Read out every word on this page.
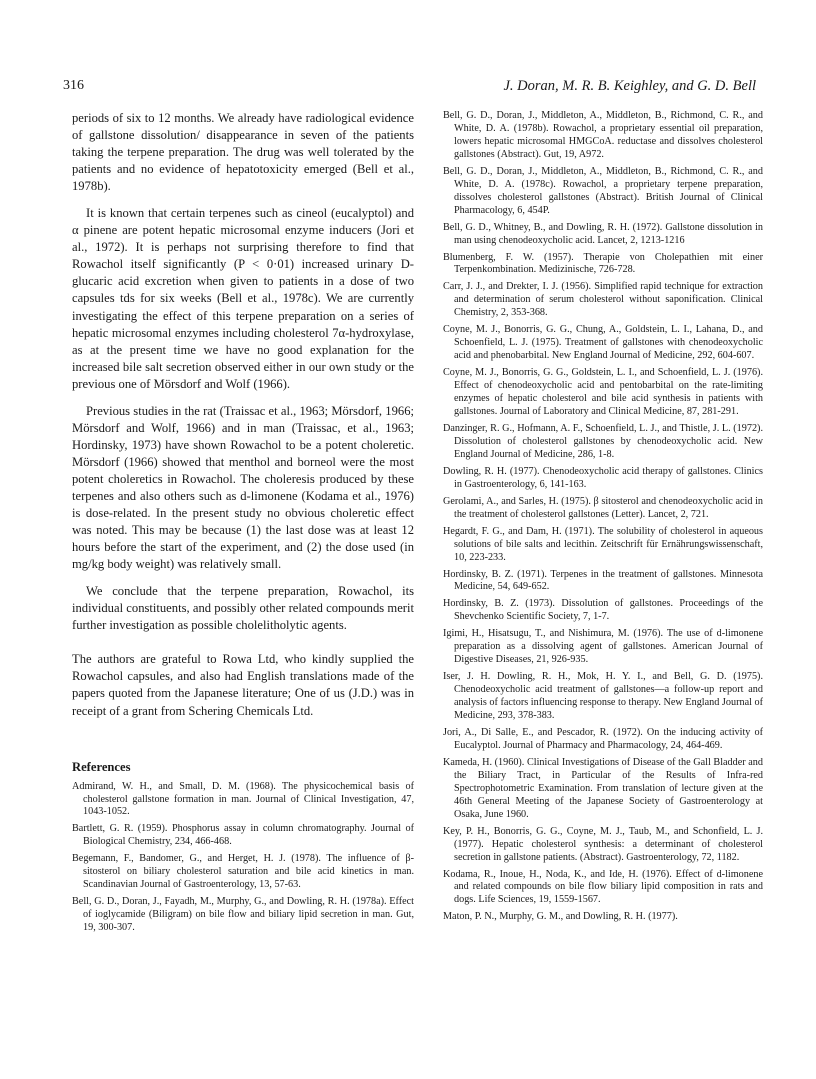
316	J. Doran, M. R. B. Keighley, and G. D. Bell

periods of six to 12 months. We already have radiological evidence of gallstone dissolution/ disappearance in seven of the patients taking the terpene preparation. The drug was well tolerated by the patients and no evidence of hepatotoxicity emerged (Bell et al., 1978b).

It is known that certain terpenes such as cineol (eucalyptol) and α pinene are potent hepatic microsomal enzyme inducers (Jori et al., 1972). It is perhaps not surprising therefore to find that Rowachol itself significantly (P < 0·01) increased urinary D-glucaric acid excretion when given to patients in a dose of two capsules tds for six weeks (Bell et al., 1978c). We are currently investigating the effect of this terpene preparation on a series of hepatic microsomal enzymes including cholesterol 7α-hydroxylase, as at the present time we have no good explanation for the increased bile salt secretion observed either in our own study or the previous one of Mörsdorf and Wolf (1966).

Previous studies in the rat (Traissac et al., 1963; Mörsdorf, 1966; Mörsdorf and Wolf, 1966) and in man (Traissac, et al., 1963; Hordinsky, 1973) have shown Rowachol to be a potent choleretic. Mörsdorf (1966) showed that menthol and borneol were the most potent choleretics in Rowachol. The choleresis produced by these terpenes and also others such as d-limonene (Kodama et al., 1976) is dose-related. In the present study no obvious choleretic effect was noted. This may be because (1) the last dose was at least 12 hours before the start of the experiment, and (2) the dose used (in mg/kg body weight) was relatively small.

We conclude that the terpene preparation, Rowachol, its individual constituents, and possibly other related compounds merit further investigation as possible cholelitholytic agents.

The authors are grateful to Rowa Ltd, who kindly supplied the Rowachol capsules, and also had English translations made of the papers quoted from the Japanese literature; One of us (J.D.) was in receipt of a grant from Schering Chemicals Ltd.

References
Admirand, W. H., and Small, D. M. (1968). The physicochemical basis of cholesterol gallstone formation in man. Journal of Clinical Investigation, 47, 1043-1052.
Bartlett, G. R. (1959). Phosphorus assay in column chromatography. Journal of Biological Chemistry, 234, 466-468.
Begemann, F., Bandomer, G., and Herget, H. J. (1978). The influence of β-sitosterol on biliary cholesterol saturation and bile acid kinetics in man. Scandinavian Journal of Gastroenterology, 13, 57-63.
Bell, G. D., Doran, J., Fayadh, M., Murphy, G., and Dowling, R. H. (1978a). Effect of ioglycamide (Biligram) on bile flow and biliary lipid secretion in man. Gut, 19, 300-307.
Bell, G. D., Doran, J., Middleton, A., Middleton, B., Richmond, C. R., and White, D. A. (1978b). Rowachol, a proprietary essential oil preparation, lowers hepatic microsomal HMGCoA. reductase and dissolves cholesterol gallstones (Abstract). Gut, 19, A972.
Bell, G. D., Doran, J., Middleton, A., Middleton, B., Richmond, C. R., and White, D. A. (1978c). Rowachol, a proprietary terpene preparation, dissolves cholesterol gallstones (Abstract). British Journal of Clinical Pharmacology, 6, 454P.
Bell, G. D., Whitney, B., and Dowling, R. H. (1972). Gallstone dissolution in man using chenodeoxycholic acid. Lancet, 2, 1213-1216
Blumenberg, F. W. (1957). Therapie von Cholepathien mit einer Terpenkombination. Medizinische, 726-728.
Carr, J. J., and Drekter, I. J. (1956). Simplified rapid technique for extraction and determination of serum cholesterol without saponification. Clinical Chemistry, 2, 353-368.
Coyne, M. J., Bonorris, G. G., Chung, A., Goldstein, L. I., Lahana, D., and Schoenfield, L. J. (1975). Treatment of gallstones with chenodeoxycholic acid and phenobarbital. New England Journal of Medicine, 292, 604-607.
Coyne, M. J., Bonorris, G. G., Goldstein, L. I., and Schoenfield, L. J. (1976). Effect of chenodeoxycholic acid and pentobarbital on the rate-limiting enzymes of hepatic cholesterol and bile acid synthesis in patients with gallstones. Journal of Laboratory and Clinical Medicine, 87, 281-291.
Danzinger, R. G., Hofmann, A. F., Schoenfield, L. J., and Thistle, J. L. (1972). Dissolution of cholesterol gallstones by chenodeoxycholic acid. New England Journal of Medicine, 286, 1-8.
Dowling, R. H. (1977). Chenodeoxycholic acid therapy of gallstones. Clinics in Gastroenterology, 6, 141-163.
Gerolami, A., and Sarles, H. (1975). β sitosterol and chenodeoxycholic acid in the treatment of cholesterol gallstones (Letter). Lancet, 2, 721.
Hegardt, F. G., and Dam, H. (1971). The solubility of cholesterol in aqueous solutions of bile salts and lecithin. Zeitschrift für Ernährungswissenschaft, 10, 223-233.
Hordinsky, B. Z. (1971). Terpenes in the treatment of gallstones. Minnesota Medicine, 54, 649-652.
Hordinsky, B. Z. (1973). Dissolution of gallstones. Proceedings of the Shevchenko Scientific Society, 7, 1-7.
Igimi, H., Hisatsugu, T., and Nishimura, M. (1976). The use of d-limonene preparation as a dissolving agent of gallstones. American Journal of Digestive Diseases, 21, 926-935.
Iser, J. H. Dowling, R. H., Mok, H. Y. I., and Bell, G. D. (1975). Chenodeoxycholic acid treatment of gallstones—a follow-up report and analysis of factors influencing response to therapy. New England Journal of Medicine, 293, 378-383.
Jori, A., Di Salle, E., and Pescador, R. (1972). On the inducing activity of Eucalyptol. Journal of Pharmacy and Pharmacology, 24, 464-469.
Kameda, H. (1960). Clinical Investigations of Disease of the Gall Bladder and the Biliary Tract, in Particular of the Results of Infra-red Spectrophotometric Examination. From translation of lecture given at the 46th General Meeting of the Japanese Society of Gastroenterology at Osaka, June 1960.
Key, P. H., Bonorris, G. G., Coyne, M. J., Taub, M., and Schonfield, L. J. (1977). Hepatic cholesterol synthesis: a determinant of cholesterol secretion in gallstone patients. (Abstract). Gastroenterology, 72, 1182.
Kodama, R., Inoue, H., Noda, K., and Ide, H. (1976). Effect of d-limonene and related compounds on bile flow biliary lipid composition in rats and dogs. Life Sciences, 19, 1559-1567.
Maton, P. N., Murphy, G. M., and Dowling, R. H. (1977).
